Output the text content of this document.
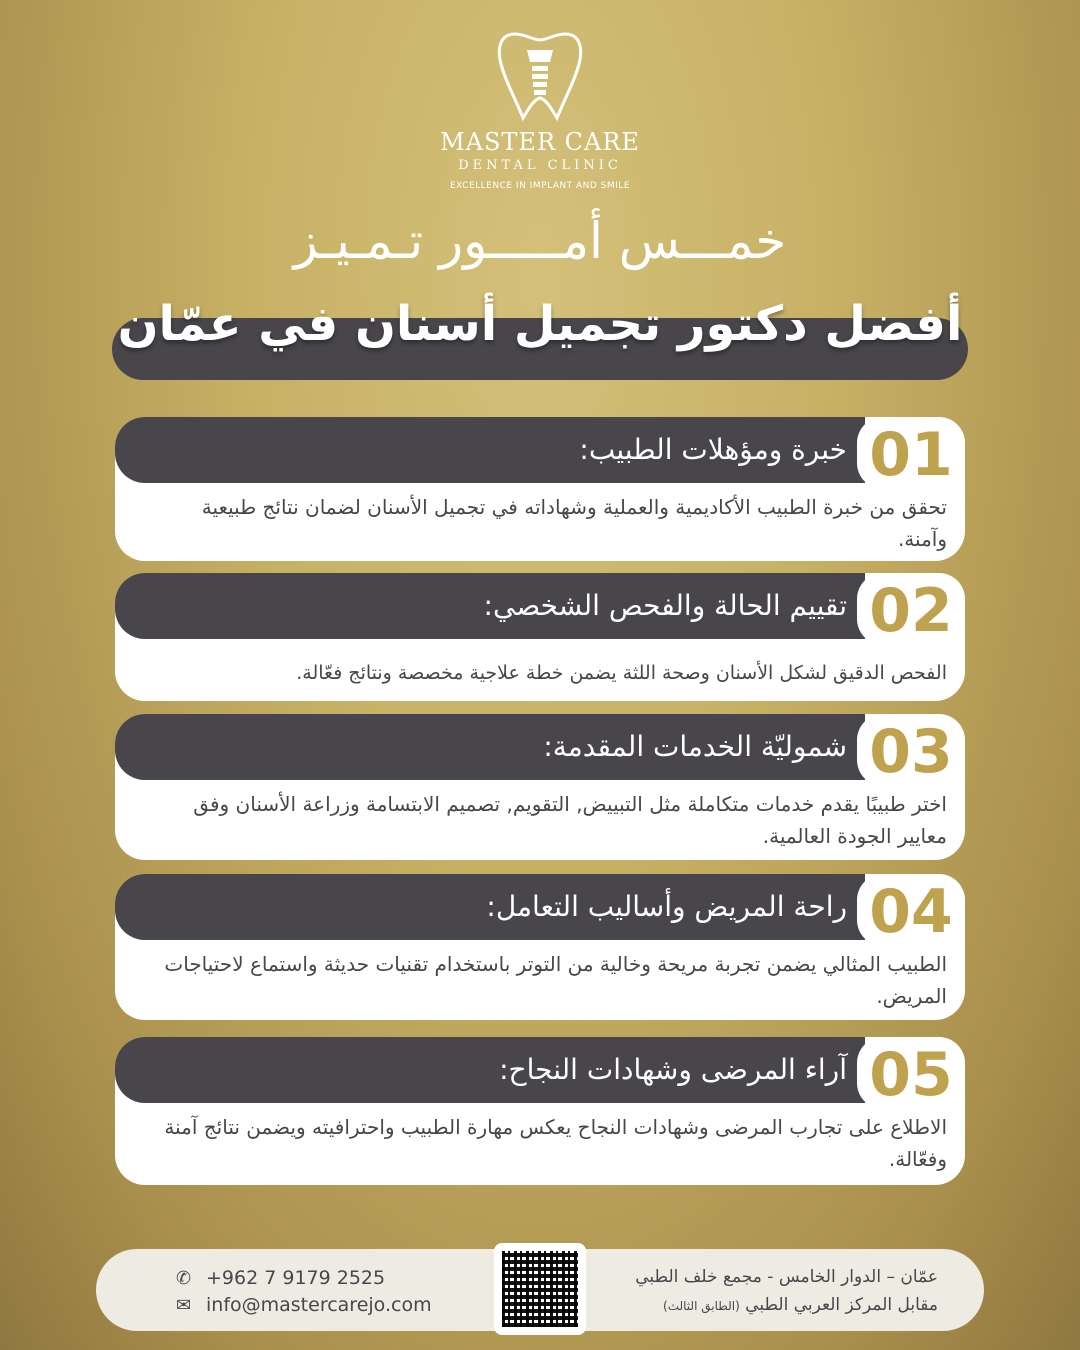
MASTER CARE
DENTAL CLINIC
EXCELLENCE IN IMPLANT AND SMILE
خمـــس أمـــــور تـمـيـز
أفضل دكتور تجميل أسنان في عمّان
خبرة ومؤهلات الطبيب: 01
تحقق من خبرة الطبيب الأكاديمية والعملية وشهاداته في تجميل الأسنان لضمان نتائج طبيعية وآمنة.
تقييم الحالة والفحص الشخصي: 02
الفحص الدقيق لشكل الأسنان وصحة اللثة يضمن خطة علاجية مخصصة ونتائج فعّالة.
شموليّة الخدمات المقدمة: 03
اختر طبيبًا يقدم خدمات متكاملة مثل التبييض, التقويم, تصميم الابتسامة وزراعة الأسنان وفق معايير الجودة العالمية.
راحة المريض وأساليب التعامل: 04
الطبيب المثالي يضمن تجربة مريحة وخالية من التوتر باستخدام تقنيات حديثة واستماع لاحتياجات المريض.
آراء المرضى وشهادات النجاح: 05
الاطلاع على تجارب المرضى وشهادات النجاح يعكس مهارة الطبيب واحترافيته ويضمن نتائج آمنة وفعّالة.
✆ +962 7 9179 2525
✉ info@mastercarejo.com
عمّان – الدوار الخامس - مجمع خلف الطبي
مقابل المركز العربي الطبي (الطابق الثالث)
